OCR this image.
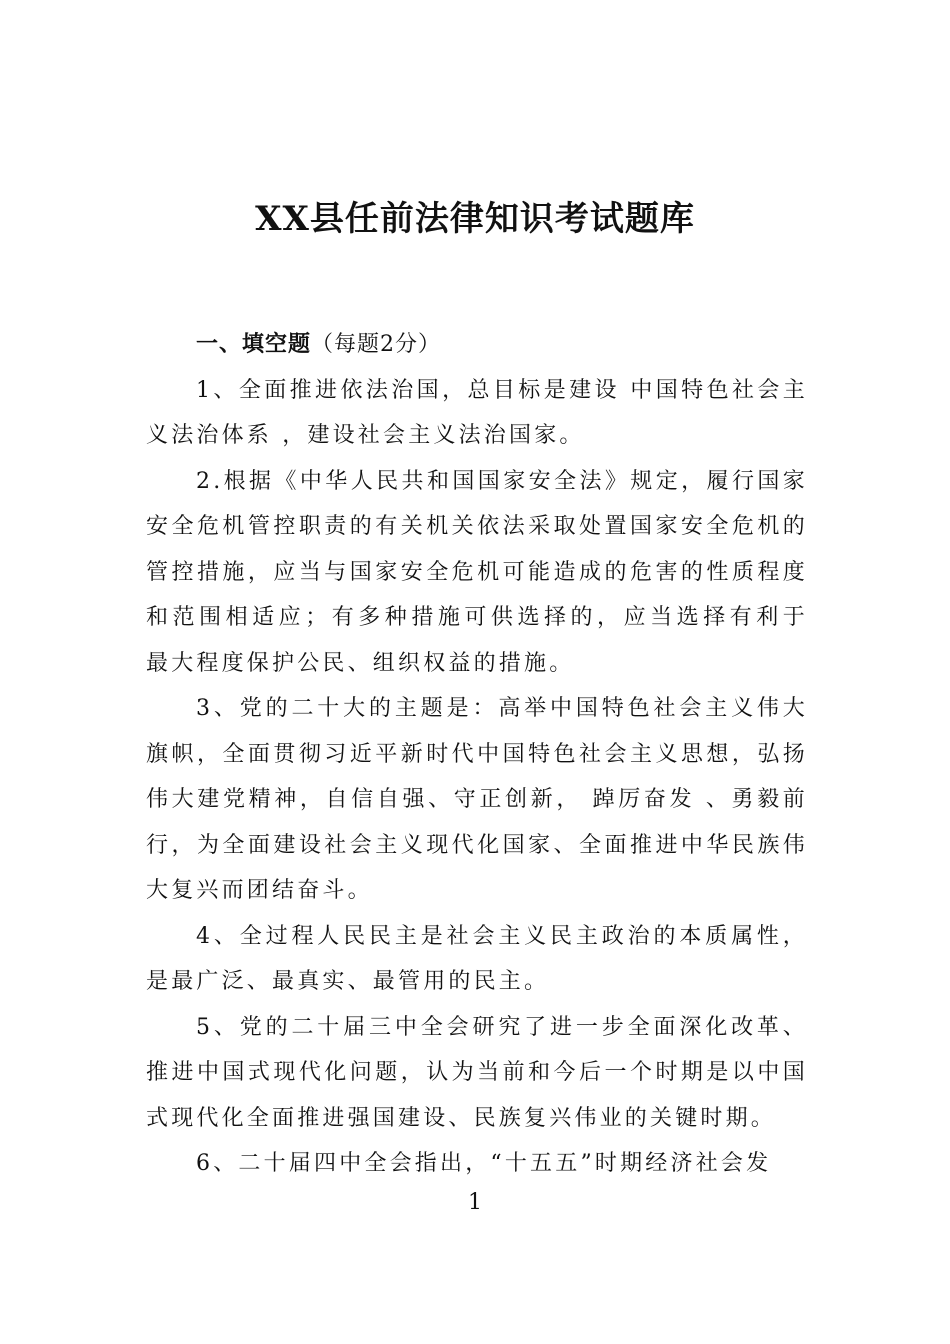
XX县任前法律知识考试题库

一、填空题（每题2分）

1、全面推进依法治国，总目标是建设 中国特色社会主义法治体系 ，建设社会主义法治国家。

2.根据《中华人民共和国国家安全法》规定，履行国家安全危机管控职责的有关机关依法采取处置国家安全危机的管控措施，应当与国家安全危机可能造成的危害的性质程度和范围相适应；有多种措施可供选择的，应当选择有利于 最大程度保护公民、组织权益的措施。

3、党的二十大的主题是：高举中国特色社会主义伟大旗帜，全面贯彻习近平新时代中国特色社会主义思想，弘扬伟大建党精神，自信自强、守正创新， 踔厉奋发 、勇毅前行，为全面建设社会主义现代化国家、全面推进中华民族伟大复兴而团结奋斗。

4、全过程人民民主是社会主义民主政治的本质属性，是最广泛、最真实、最管用的民主。

5、党的二十届三中全会研究了进一步全面深化改革、推进中国式现代化问题，认为当前和今后一个时期是以中国式现代化全面推进强国建设、民族复兴伟业的关键时期。

6、二十届四中全会指出，“十五五”时期经济社会发

1
